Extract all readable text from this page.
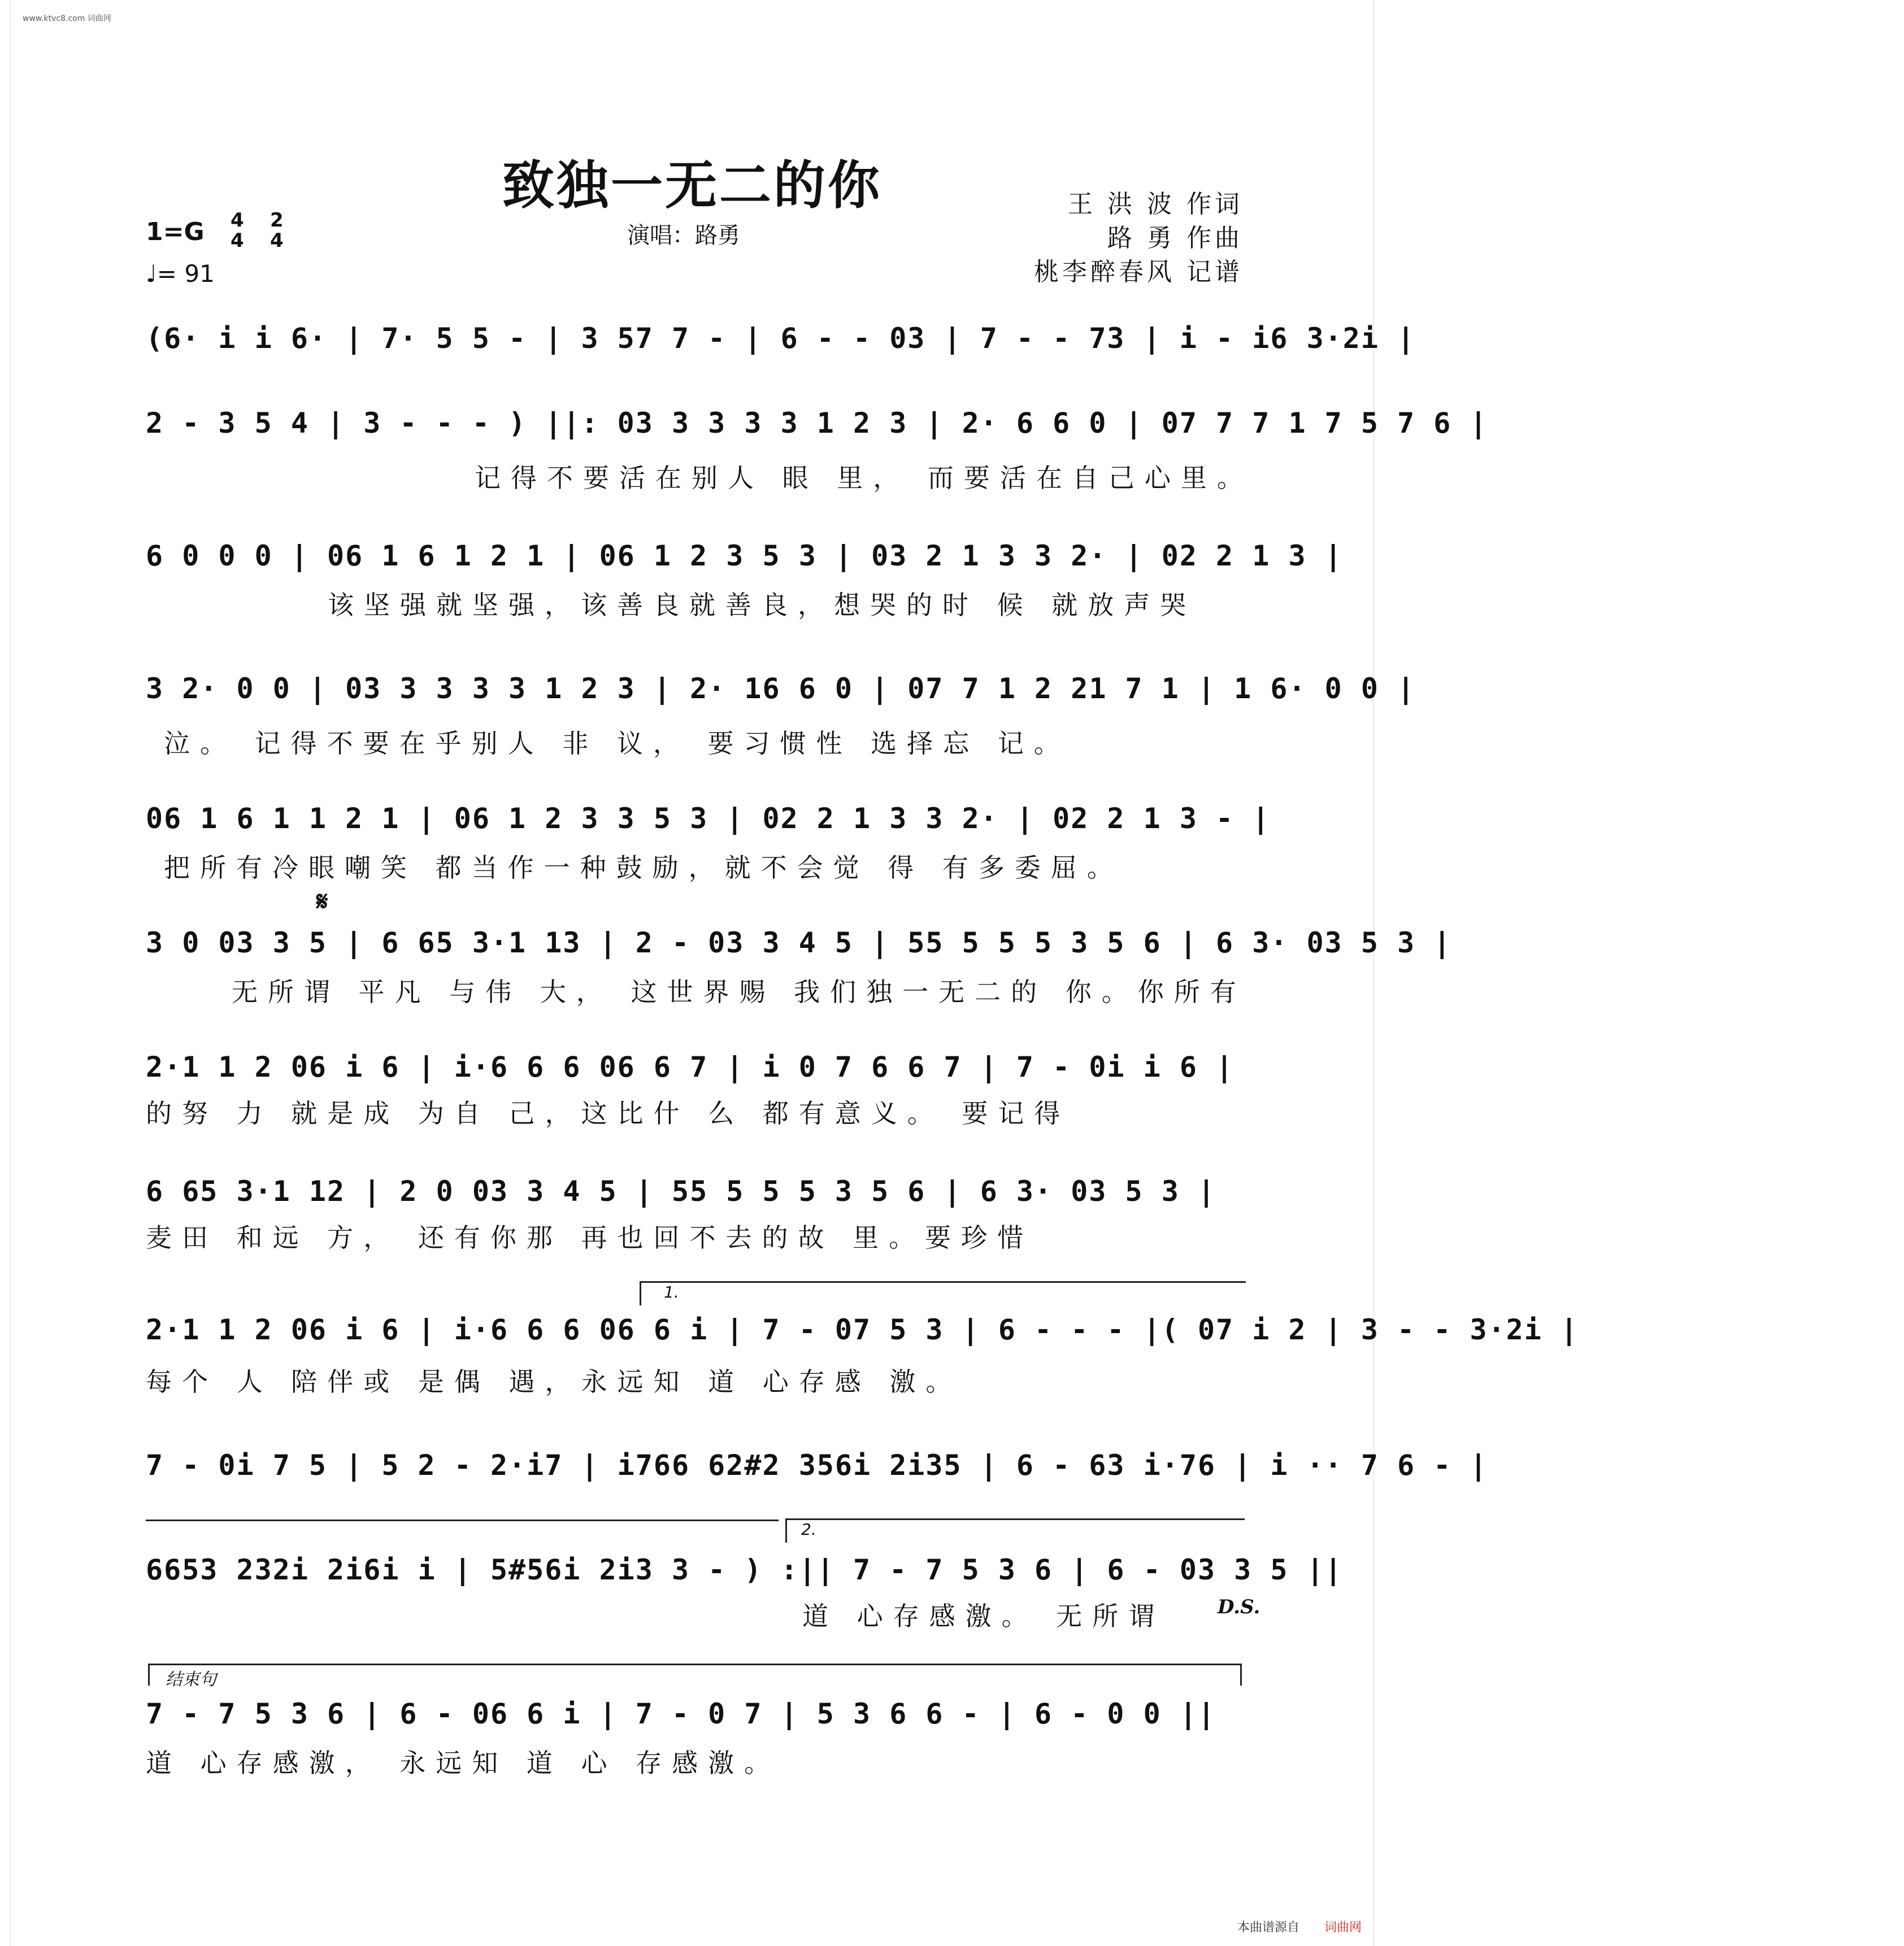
www.ktvc8.com 词曲网
致独一无二的你	王 洪 波 作词
路 勇 作曲
桃李醉春风 记谱
演唱：路勇
1=G 4
4
2
4
♩= 91
(6· i i 6· | 7· 5 5 - | 3 57 7 - | 6 - - 03 | 7 - - 73 | i - i6 3·2i |
2 - 3 5 4 | 3 - - - ) ||: 03 3 3 3 3 1 2 3 | 2· 6 6 0 | 07 7 7 1 7 5 7 6 |
记得不要活在别人 眼 里， 而要活在自己心里。
6 0 0 0 | 06 1 6 1 2 1 | 06 1 2 3 5 3 | 03 2 1 3 3 2· | 02 2 1 3 |
该坚强就坚强，该善良就善良，想哭的时 候 就放声哭
3 2· 0 0 | 03 3 3 3 3 1 2 3 | 2· 16 6 0 | 07 7 1 2 21 7 1 | 1 6· 0 0 |
泣。 记得不要在乎别人 非 议， 要习惯性 选择忘 记。
06 1 6 1 1 2 1 | 06 1 2 3 3 5 3 | 02 2 1 3 3 2· | 02 2 1 3 - |
把所有冷眼嘲笑 都当作一种鼓励，就不会觉 得 有多委屈。
𝄋
3 0 03 3 5 | 6 65 3·1 13 | 2 - 03 3 4 5 | 55 5 5 5 3 5 6 | 6 3· 03 5 3 |
无所谓 平凡 与伟 大， 这世界赐 我们独一无二的 你。你所有
2·1 1 2 06 i 6 | i·6 6 6 06 6 7 | i 0 7 6 6 7 | 7 - 0i i 6 |
的努 力 就是成 为自 己，这比什 么 都有意义。 要记得
6 65 3·1 12 | 2 0 03 3 4 5 | 55 5 5 5 3 5 6 | 6 3· 03 5 3 |
麦田 和远 方， 还有你那 再也回不去的故 里。要珍惜
1.
2·1 1 2 06 i 6 | i·6 6 6 06 6 i | 7 - 07 5 3 | 6 - - - |( 07 i 2 | 3 - - 3·2i |
每个 人 陪伴或 是偶 遇，永远知 道 心存感 激。
7 - 0i 7 5 | 5 2 - 2·i7 | i766 62#2 356i 2i35 | 6 - 63 i·76 | i ·· 7 6 - |
2.
6653 232i 2i6i i | 5#56i 2i3 3 - ) :|| 7 - 7 5 3 6 | 6 - 03 3 5 ||
道 心存感激。 无所谓	D.S.
结束句
7 - 7 5 3 6 | 6 - 06 6 i | 7 - 0 7 | 5 3 6 6 - | 6 - 0 0 ||
道 心存感激， 永远知 道 心 存感激。
本曲谱源自 词曲网
